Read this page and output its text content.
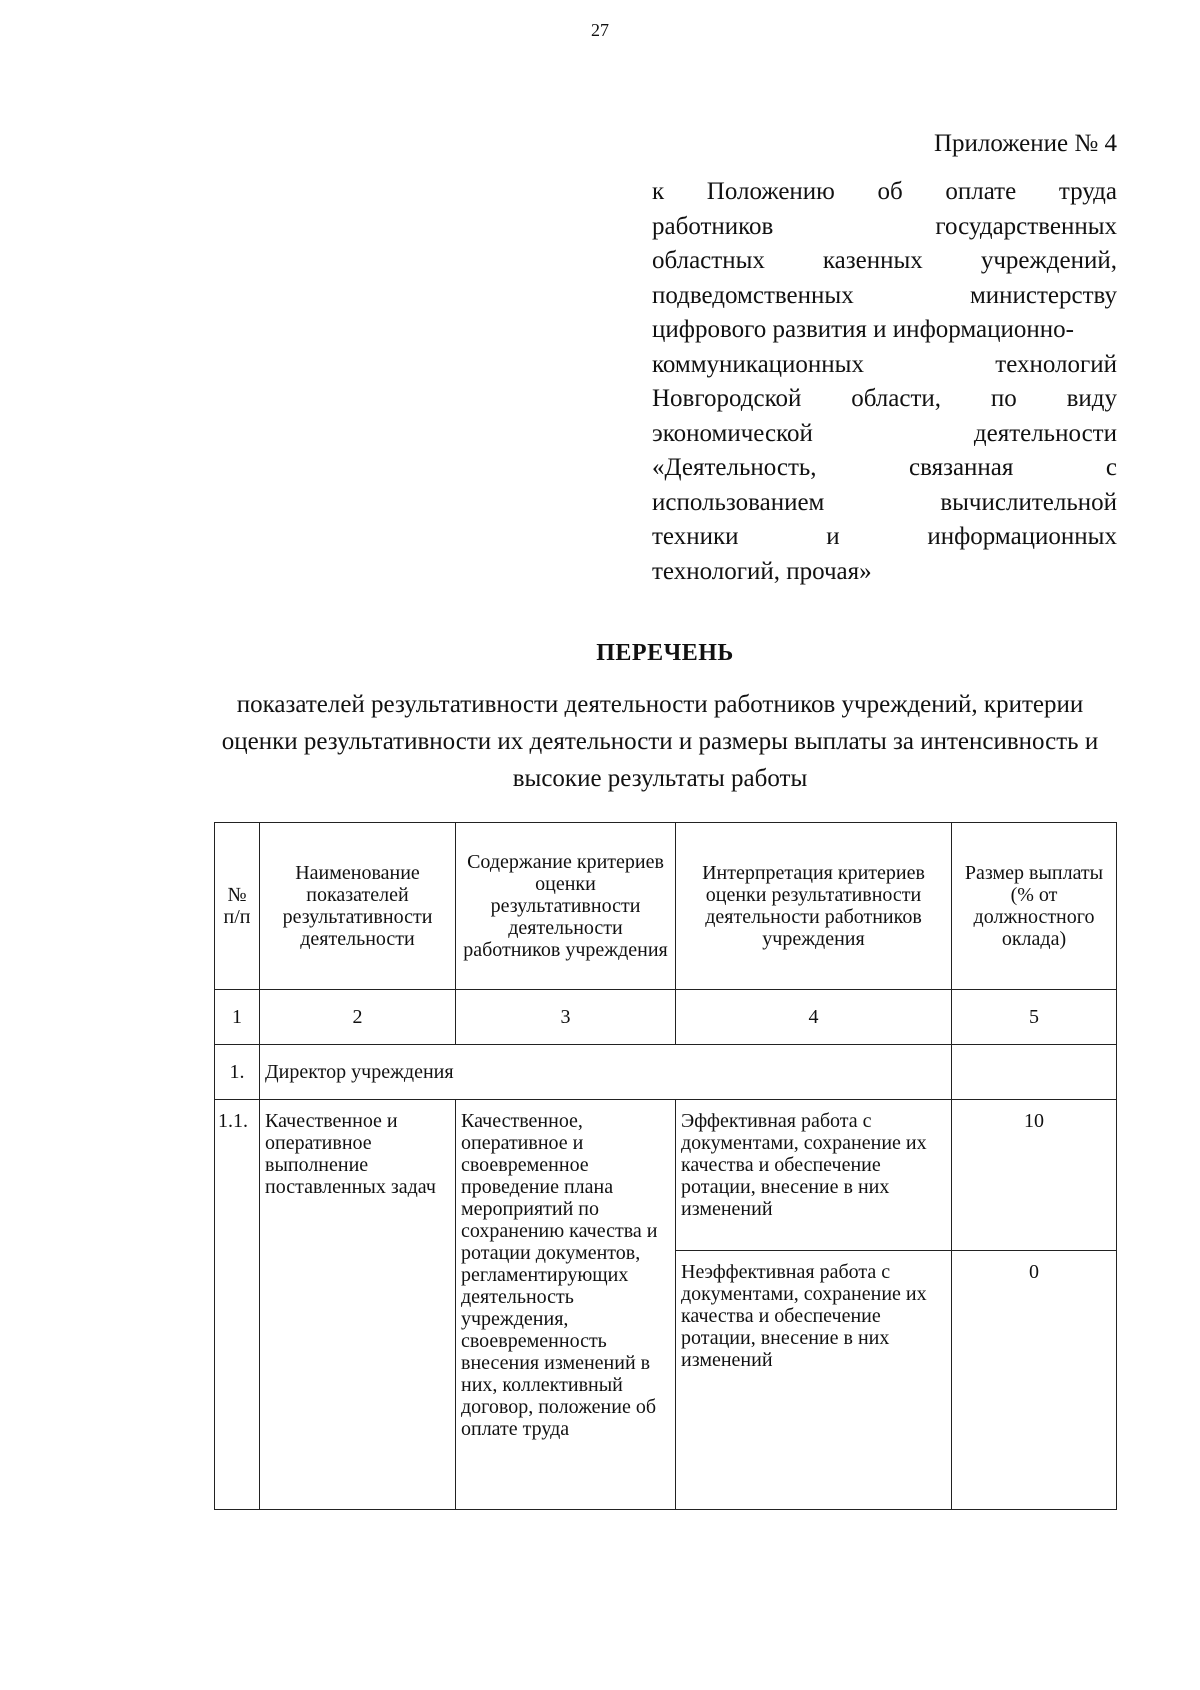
27
Приложение № 4
к Положению об оплате труда
работников	государственных
областных казенных учреждений,
подведомственных	министерству
цифрового развития и информационно-
коммуникационных	технологий
Новгородской области, по виду
экономической	деятельности
«Деятельность,	связанная	с
использованием	вычислительной
техники	и	информационных
технологий, прочая»
ПЕРЕЧЕНЬ
показателей результативности деятельности работников учреждений, критерии оценки результативности их деятельности и размеры выплаты за интенсивность и высокие результаты работы
№ п/п	Наименование показателей результативности деятельности	Содержание критериев оценки результативности деятельности работников учреждения	Интерпретация критериев оценки результативности деятельности работников учреждения	Размер выплаты (% от должностного оклада)
1	2	3	4	5
1.	Директор учреждения			
1.1.	Качественное и оперативное выполнение поставленных задач	Качественное, оперативное и своевременное проведение плана мероприятий по сохранению качества и ротации документов, регламентирующих деятельность учреждения, своевременность внесения изменений в них, коллективный договор, положение об оплате труда	Эффективная работа с документами, сохранение их качества и обеспечение ротации, внесение в них изменений	10
			Неэффективная работа с документами, сохранение их качества и обеспечение ротации, внесение в них изменений	0
